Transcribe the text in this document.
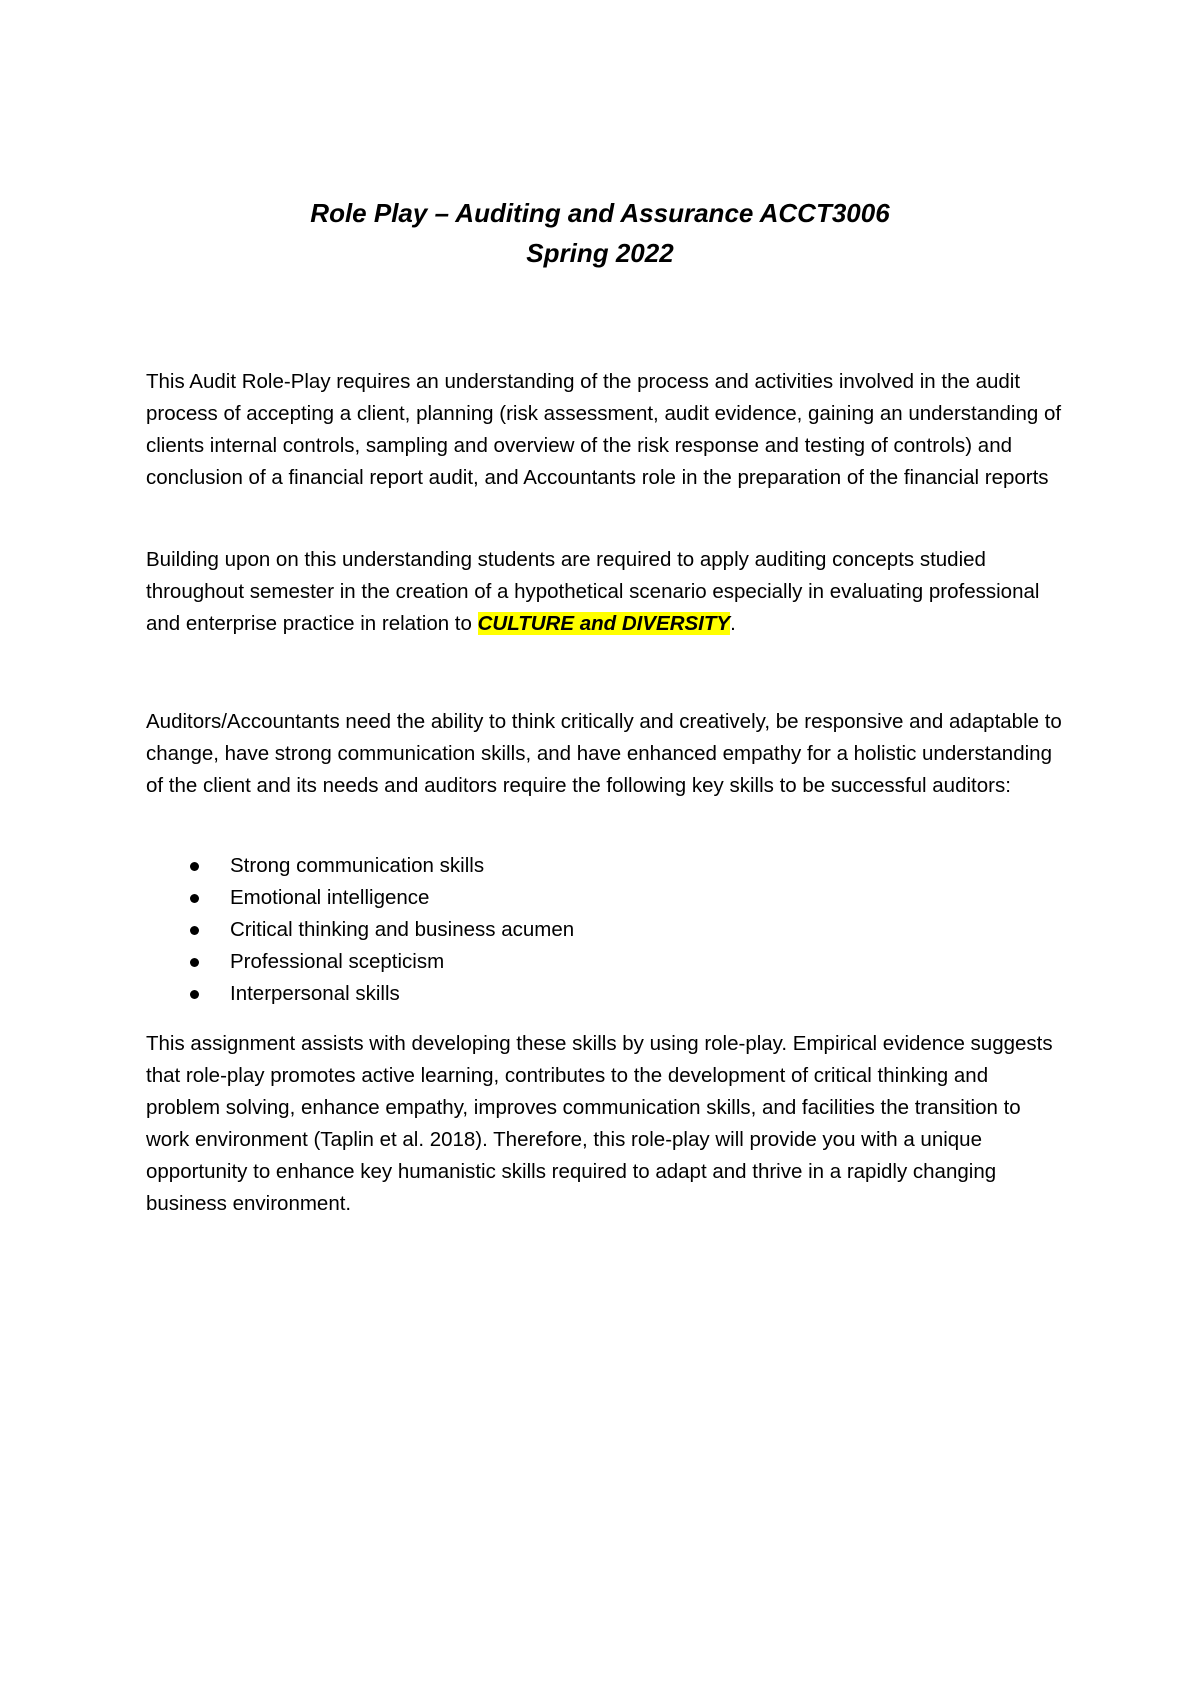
Role Play – Auditing and Assurance ACCT3006
Spring 2022

This Audit Role-Play requires an understanding of the process and activities involved in the audit process of accepting a client, planning (risk assessment, audit evidence, gaining an understanding of clients internal controls, sampling and overview of the risk response and testing of controls) and conclusion of a financial report audit, and Accountants role in the preparation of the financial reports

Building upon on this understanding students are required to apply auditing concepts studied throughout semester in the creation of a hypothetical scenario especially in evaluating professional and enterprise practice in relation to CULTURE and DIVERSITY.

Auditors/Accountants need the ability to think critically and creatively, be responsive and adaptable to change, have strong communication skills, and have enhanced empathy for a holistic understanding of the client and its needs and auditors require the following key skills to be successful auditors:

Strong communication skills
Emotional intelligence
Critical thinking and business acumen
Professional scepticism
Interpersonal skills

This assignment assists with developing these skills by using role-play. Empirical evidence suggests that role-play promotes active learning, contributes to the development of critical thinking and problem solving, enhance empathy, improves communication skills, and facilities the transition to work environment (Taplin et al. 2018). Therefore, this role-play will provide you with a unique opportunity to enhance key humanistic skills required to adapt and thrive in a rapidly changing business environment.
